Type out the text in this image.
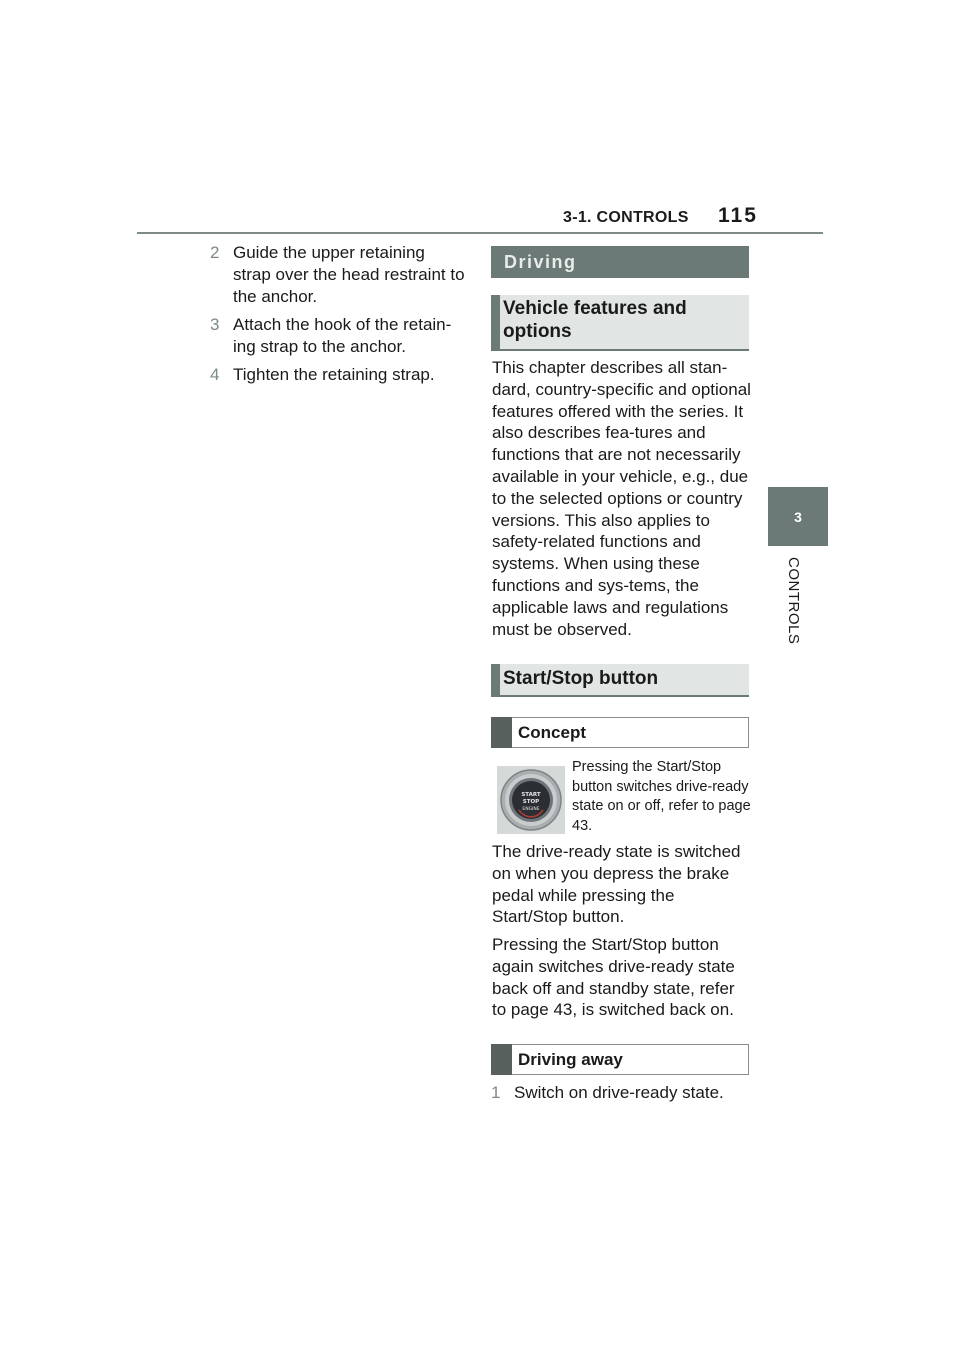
3-1. CONTROLS 115
3
CONTROLS
2 Guide the upper retaining strap over the head restraint to the anchor.
3 Attach the hook of the retain-ing strap to the anchor.
4 Tighten the retaining strap.
Driving
Vehicle features and options
This chapter describes all stan-dard, country-specific and optional features offered with the series. It also describes fea-tures and functions that are not necessarily available in your vehicle, e.g., due to the selected options or country versions. This also applies to safety-related functions and systems. When using these functions and sys-tems, the applicable laws and regulations must be observed.
Start/Stop button
Concept
START
STOP
ENGINE
Pressing the Start/Stop button switches drive-ready state on or off, refer to page 43.
The drive-ready state is switched on when you depress the brake pedal while pressing the Start/Stop button.
Pressing the Start/Stop button again switches drive-ready state back off and standby state, refer to page 43, is switched back on.
Driving away
1 Switch on drive-ready state.
